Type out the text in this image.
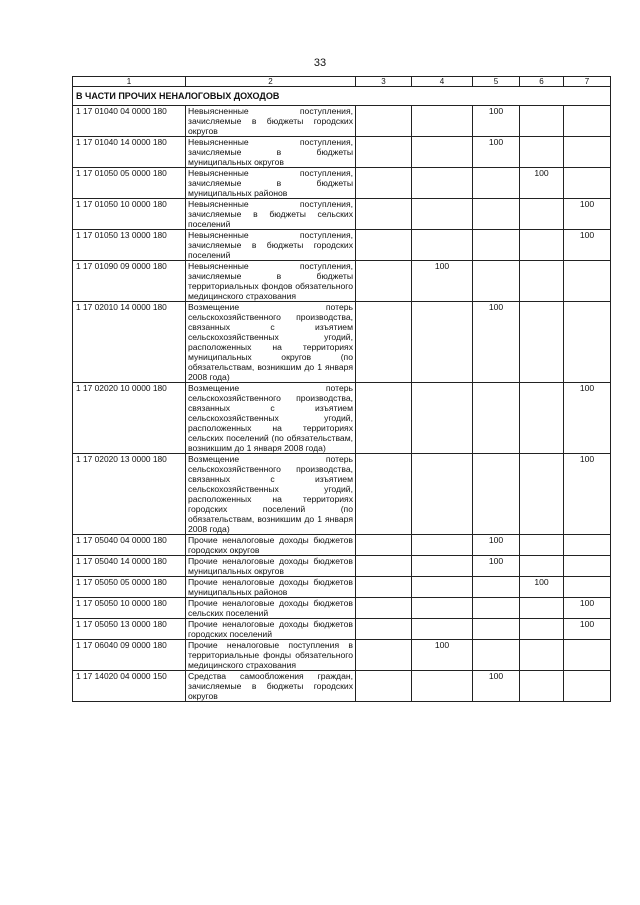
33
1	2	3	4	5	6	7
В ЧАСТИ ПРОЧИХ НЕНАЛОГОВЫХ ДОХОДОВ						
1 17 01040 04 0000 180	Невыясненные поступления, зачисляемые в бюджеты городских округов			100		
1 17 01040 14 0000 180	Невыясненные поступления, зачисляемые в бюджеты муниципальных округов			100		
1 17 01050 05 0000 180	Невыясненные поступления, зачисляемые в бюджеты муниципальных районов				100	
1 17 01050 10 0000 180	Невыясненные поступления, зачисляемые в бюджеты сельских поселений					100
1 17 01050 13 0000 180	Невыясненные поступления, зачисляемые в бюджеты городских поселений					100
1 17 01090 09 0000 180	Невыясненные поступления, зачисляемые в бюджеты территориальных фондов обязательного медицинского страхования		100			
1 17 02010 14 0000 180	Возмещение потерь сельскохозяйственного производства, связанных с изъятием сельскохозяйственных угодий, расположенных на территориях муниципальных округов (по обязательствам, возникшим до 1 января 2008 года)			100		
1 17 02020 10 0000 180	Возмещение потерь сельскохозяйственного производства, связанных с изъятием сельскохозяйственных угодий, расположенных на территориях сельских поселений (по обязательствам, возникшим до 1 января 2008 года)					100
1 17 02020 13 0000 180	Возмещение потерь сельскохозяйственного производства, связанных с изъятием сельскохозяйственных угодий, расположенных на территориях городских поселений (по обязательствам, возникшим до 1 января 2008 года)					100
1 17 05040 04 0000 180	Прочие неналоговые доходы бюджетов городских округов			100		
1 17 05040 14 0000 180	Прочие неналоговые доходы бюджетов муниципальных округов			100		
1 17 05050 05 0000 180	Прочие неналоговые доходы бюджетов муниципальных районов				100	
1 17 05050 10 0000 180	Прочие неналоговые доходы бюджетов сельских поселений					100
1 17 05050 13 0000 180	Прочие неналоговые доходы бюджетов городских поселений					100
1 17 06040 09 0000 180	Прочие неналоговые поступления в территориальные фонды обязательного медицинского страхования		100			
1 17 14020 04 0000 150	Средства самообложения граждан, зачисляемые в бюджеты городских округов			100		
